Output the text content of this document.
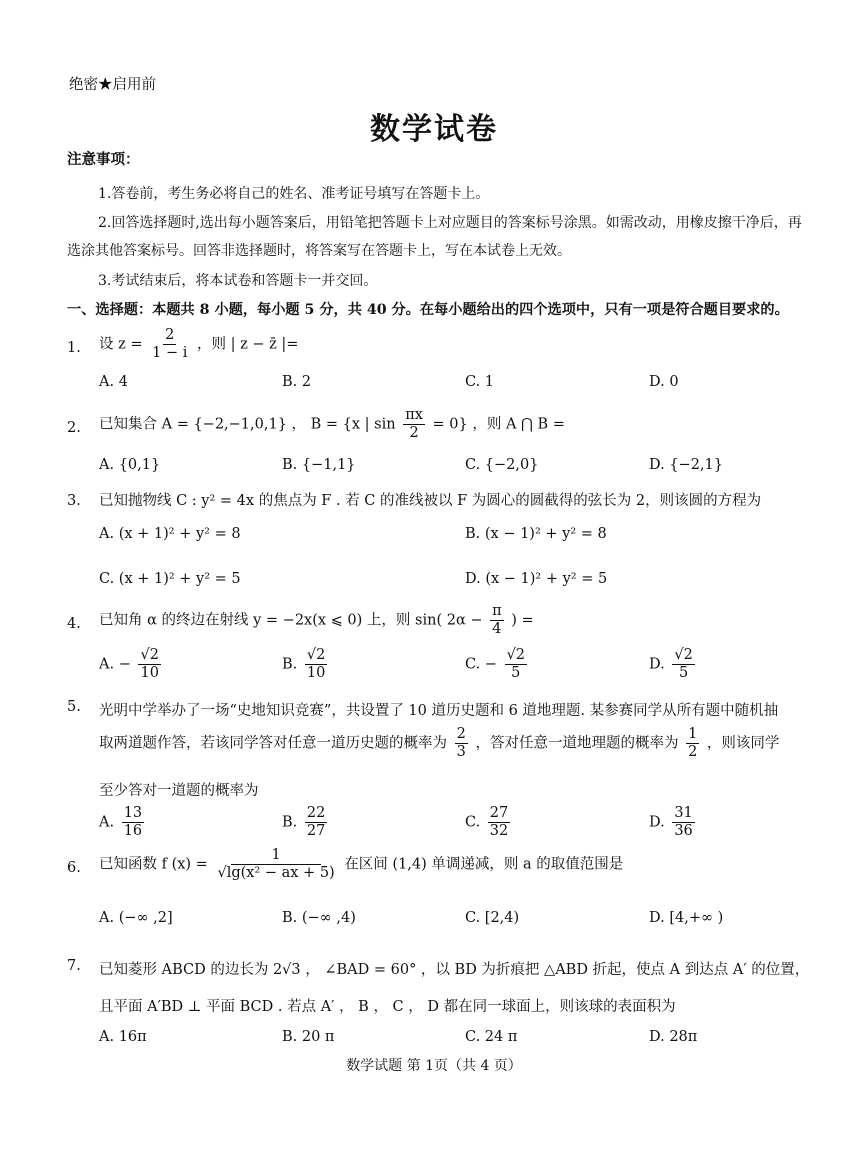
绝密★启用前
数学试卷
注意事项：
1.答卷前，考生务必将自己的姓名、准考证号填写在答题卡上。
2.回答选择题时,选出每小题答案后，用铅笔把答题卡上对应题目的答案标号涂黑。如需改动，用橡皮擦干净后，再选涂其他答案标号。回答非选择题时，将答案写在答题卡上，写在本试卷上无效。
3.考试结束后，将本试卷和答题卡一并交回。
一、选择题：本题共 8 小题，每小题 5 分，共 40 分。在每小题给出的四个选项中，只有一项是符合题目要求的。
1. 设 $z = \frac{2}{1 - i}$ ，则 | z − z̄ |=
A. 4	B. 2	C. 1	D. 0
2. 已知集合 A = {−2,−1,0,1} ， B = {x | $\sin \frac{\pi x}{2} = 0$} ，则 A ⋂ B =
A. {0,1}	B. {−1,1}	C. {−2,0}	D. {−2,1}
3． 已知抛物线 C : y² = 4x 的焦点为 F . 若 C 的准线被以 F 为圆心的圆截得的弦长为 2，则该圆的方程为
A. (x + 1)² + y² = 8	B. (x − 1)² + y² = 8
C. (x + 1)² + y² = 5	D. (x − 1)² + y² = 5
4. 已知角 α 的终边在射线 y = −2x(x ⩽ 0) 上，则 sin( $2\alpha - \frac{\pi}{4}$ ) =
A. − $\frac{√2}{10}$	B. $\frac{√2}{10}$	C. − $\frac{√2}{5}$	D. $\frac{√2}{5}$
5. 光明中学举办了一场“史地知识竞赛”，共设置了 10 道历史题和 6 道地理题. 某参赛同学从所有题中随机抽
取两道题作答，若该同学答对任意一道历史题的概率为 $\frac{2}{3}$ ，答对任意一道地理题的概率为 $\frac{1}{2}$ ，则该同学
至少答对一道题的概率为
A. $\frac{13}{16}$	B. $\frac{22}{27}$	C. $\frac{27}{32}$	D. $\frac{31}{36}$
6. 已知函数 f $(x) = \frac{1}{\text{√lg(x² − ax + 5)}}$ 在区间 (1,4) 单调递减，则 a 的取值范围是
A. (−∞ ,2]	B. (−∞ ,4)	C. [2,4)	D. [4,+∞ )
7. 已知菱形 ABCD 的边长为 2√3 ， ∠BAD = 60° ，以 BD 为折痕把 △ABD 折起，使点 A 到达点 A′ 的位置，
且平面 A′BD ⊥ 平面 BCD . 若点 A′ ， B ， C ， D 都在同一球面上，则该球的表面积为
A. 16π	B. 20 π	C. 24 π	D. 28π
数学试题 第 1页（共 4 页）
